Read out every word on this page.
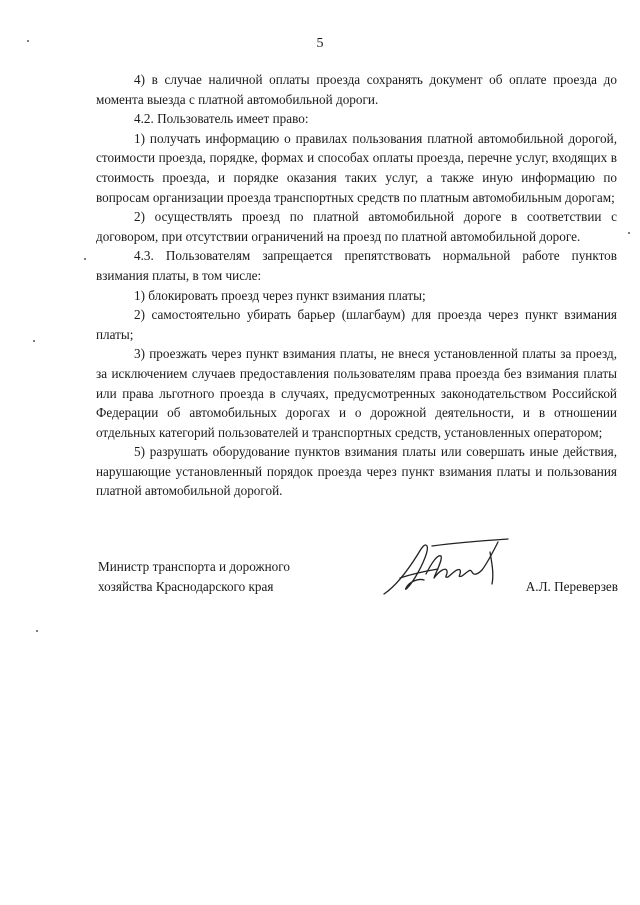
5

4) в случае наличной оплаты проезда сохранять документ об оплате проезда до момента выезда с платной автомобильной дороги.

4.2. Пользователь имеет право:

1) получать информацию о правилах пользования платной автомобильной дорогой, стоимости проезда, порядке, формах и способах оплаты проезда, перечне услуг, входящих в стоимость проезда, и порядке оказания таких услуг, а также иную информацию по вопросам организации проезда транспортных средств по платным автомобильным дорогам;

2) осуществлять проезд по платной автомобильной дороге в соответствии с договором, при отсутствии ограничений на проезд по платной автомобильной дороге.

4.3. Пользователям запрещается препятствовать нормальной работе пунктов взимания платы, в том числе:

1) блокировать проезд через пункт взимания платы;

2) самостоятельно убирать барьер (шлагбаум) для проезда через пункт взимания платы;

3) проезжать через пункт взимания платы, не внеся установленной платы за проезд, за исключением случаев предоставления пользователям права проезда без взимания платы или права льготного проезда в случаях, предусмотренных законодательством Российской Федерации об автомобильных дорогах и о дорожной деятельности, и в отношении отдельных категорий пользователей и транспортных средств, установленных оператором;

5) разрушать оборудование пунктов взимания платы или совершать иные действия, нарушающие установленный порядок проезда через пункт взимания платы и пользования платной автомобильной дорогой.

Министр транспорта и дорожного
хозяйства Краснодарского края	А.Л. Переверзев
